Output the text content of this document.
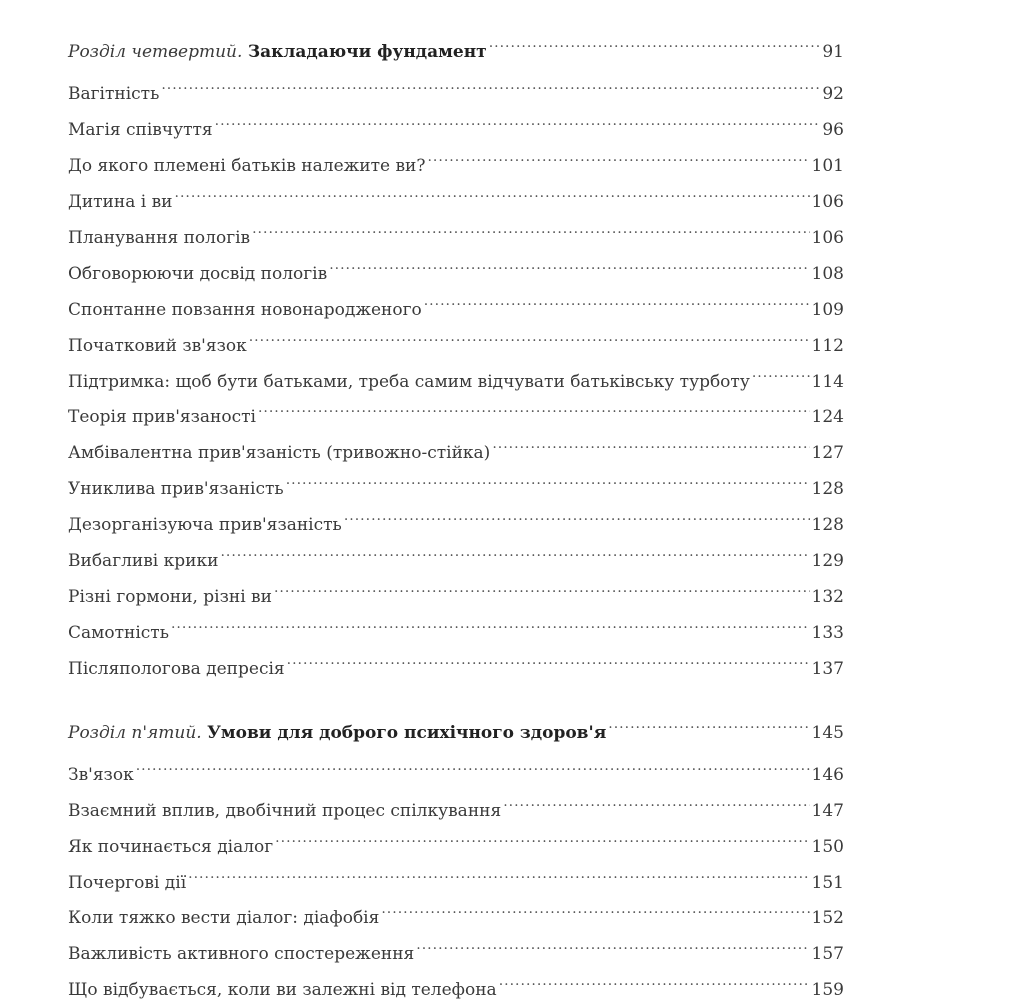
Розділ четвертий. Закладаючи фундамент .....	91
Вагітність .....	92
Магія співчуття .....	96
До якого племені батьків належите ви? .....	101
Дитина і ви .....	106
Планування пологів .....	106
Обговорюючи досвід пологів .....	108
Спонтанне повзання новонародженого .....	109
Початковий зв'язок .....	112
Підтримка: щоб бути батьками, треба самим відчувати батьківську турботу .....	114
Теорія прив'язаності .....	124
Амбівалентна прив'язаність (тривожно-стійка) .....	127
Униклива прив'язаність .....	128
Дезорганізуюча прив'язаність .....	128
Вибагливі крики .....	129
Різні гормони, різні ви .....	132
Самотність .....	133
Післяпологова депресія .....	137
Розділ п'ятий. Умови для доброго психічного здоров'я .....	145
Зв'язок .....	146
Взаємний вплив, двобічний процес спілкування .....	147
Як починається діалог .....	150
Почергові дії .....	151
Коли тяжко вести діалог: діафобія .....	152
Важливість активного спостереження .....	157
Що відбувається, коли ви залежні від телефона .....	159
